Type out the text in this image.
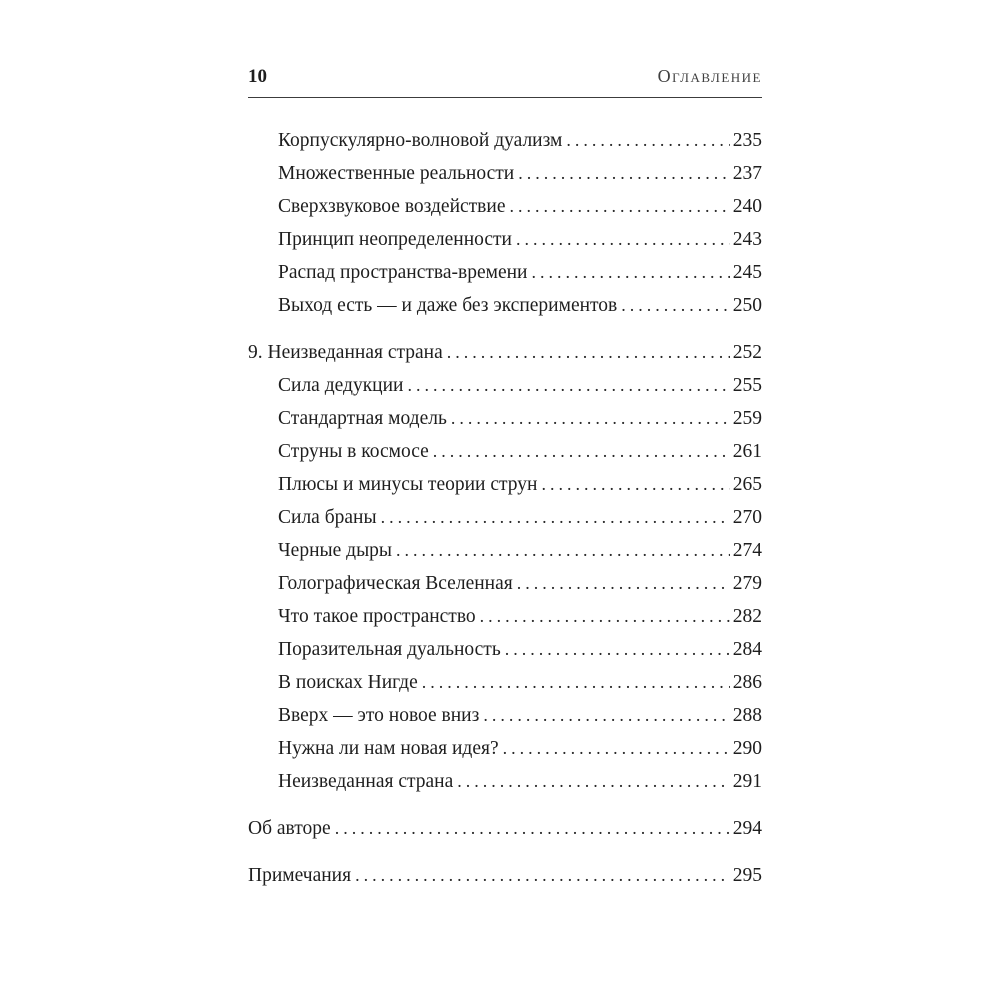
10	Оглавление
Корпускулярно-волновой дуализм .....	235
Множественные реальности .....	237
Сверхзвуковое воздействие .....	240
Принцип неопределенности .....	243
Распад пространства-времени .....	245
Выход есть — и даже без экспериментов .....	250
9. Неизведанная страна .....	252
Сила дедукции .....	255
Стандартная модель .....	259
Струны в космосе .....	261
Плюсы и минусы теории струн .....	265
Сила браны .....	270
Черные дыры .....	274
Голографическая Вселенная .....	279
Что такое пространство .....	282
Поразительная дуальность .....	284
В поисках Нигде .....	286
Вверх — это новое вниз .....	288
Нужна ли нам новая идея? .....	290
Неизведанная страна .....	291
Об авторе .....	294
Примечания .....	295
